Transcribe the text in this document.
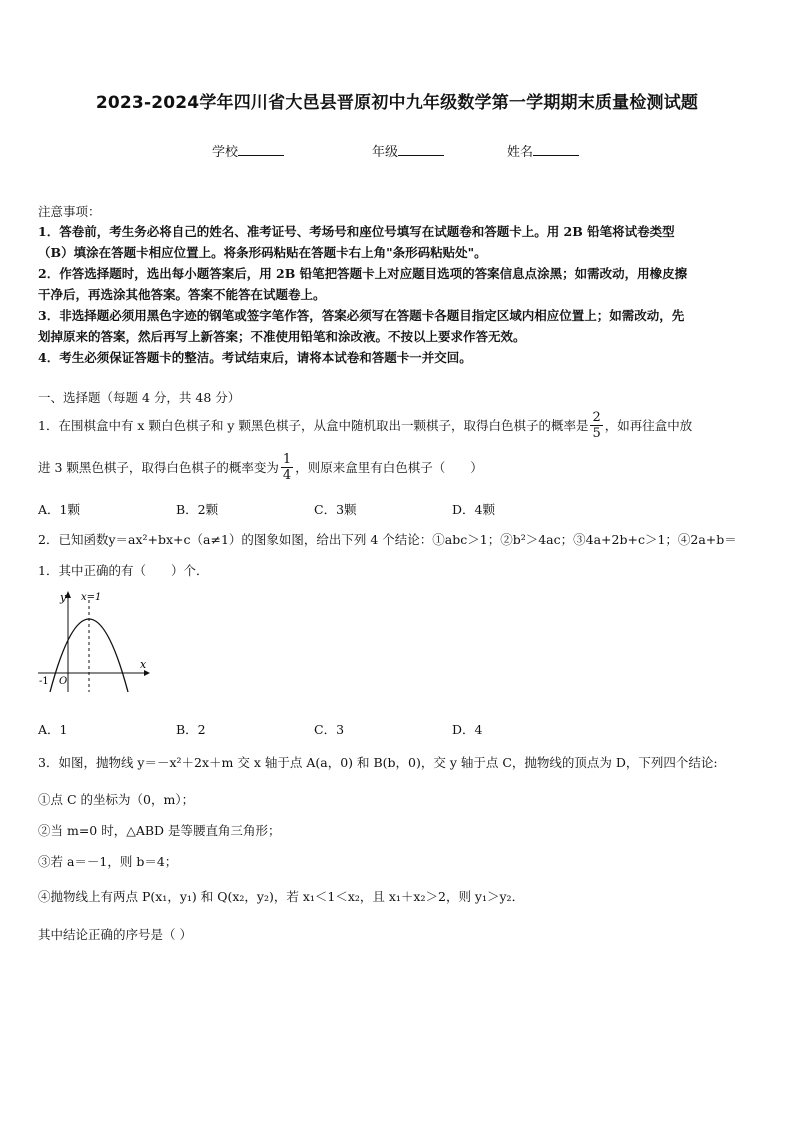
2023-2024学年四川省大邑县晋原初中九年级数学第一学期期末质量检测试题
学校	年级	姓名
注意事项：
1．答卷前，考生务必将自己的姓名、准考证号、考场号和座位号填写在试题卷和答题卡上。用 2B 铅笔将试卷类型
（B）填涂在答题卡相应位置上。将条形码粘贴在答题卡右上角"条形码粘贴处"。
2．作答选择题时，选出每小题答案后，用 2B 铅笔把答题卡上对应题目选项的答案信息点涂黑；如需改动，用橡皮擦
干净后，再选涂其他答案。答案不能答在试题卷上。
3．非选择题必须用黑色字迹的钢笔或签字笔作答，答案必须写在答题卡各题目指定区域内相应位置上；如需改动，先
划掉原来的答案，然后再写上新答案；不准使用铅笔和涂改液。不按以上要求作答无效。
4．考生必须保证答题卡的整洁。考试结束后，请将本试卷和答题卡一并交回。
一、选择题（每题 4 分，共 48 分）
1．在围棋盒中有 x 颗白色棋子和 y 颗黑色棋子，从盒中随机取出一颗棋子，取得白色棋子的概率是 $\frac{2}{5}$ ，如再往盒中放
进 3 颗黑色棋子，取得白色棋子的概率变为 $\frac{1}{4}$ ，则原来盒里有白色棋子（　　）
A．1颗	B．2颗	C．3颗	D．4颗
2．已知函数y＝ax²+bx+c（a≠1）的图象如图，给出下列 4 个结论：①abc＞1；②b²＞4ac；③4a+2b+c＞1；④2a+b＝
1．其中正确的有（　　）个．
y x=1
x
-1 O
A．1	B．2	C．3	D．4
3．如图，抛物线 y＝－x²＋2x＋m 交 x 轴于点 A(a，0) 和 B(b，0)，交 y 轴于点 C，抛物线的顶点为 D，下列四个结论:
①点 C 的坐标为（0，m）；
②当 m=0 时，△ABD 是等腰直角三角形；
③若 a＝－1，则 b＝4；
④抛物线上有两点 P(x₁，y₁) 和 Q(x₂，y₂)，若 x₁＜1＜x₂，且 x₁＋x₂＞2，则 y₁＞y₂．
其中结论正确的序号是（ ）
